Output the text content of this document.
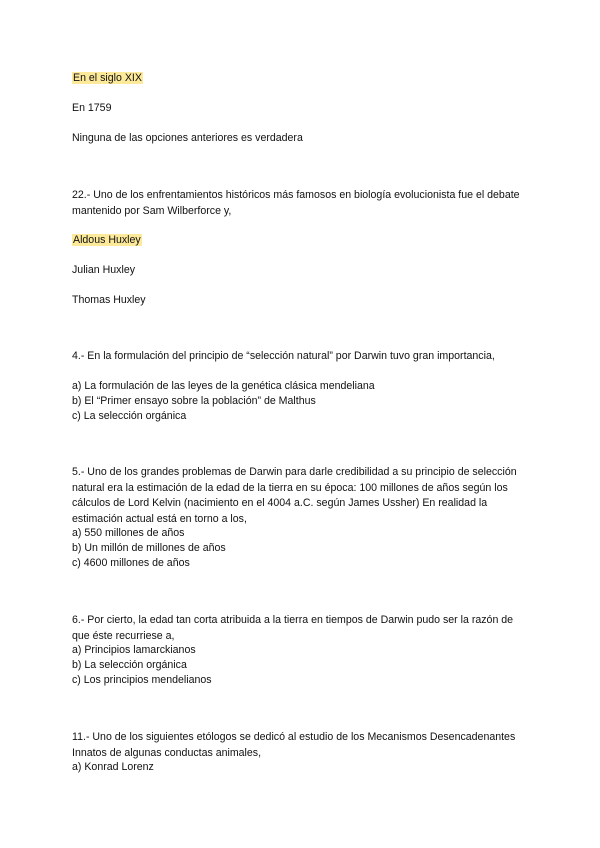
En el siglo XIX
En 1759
Ninguna de las opciones anteriores es verdadera
22.- Uno de los enfrentamientos históricos más famosos en biología evolucionista fue el debate mantenido por Sam Wilberforce y,
Aldous Huxley
Julian Huxley
Thomas Huxley
4.- En la formulación del principio de “selección natural” por Darwin tuvo gran importancia,
a) La formulación de las leyes de la genética clásica mendeliana
b) El “Primer ensayo sobre la población” de Malthus
c) La selección orgánica
5.- Uno de los grandes problemas de Darwin para darle credibilidad a su principio de selección natural era la estimación de la edad de la tierra en su época: 100 millones de años según los cálculos de Lord Kelvin (nacimiento en el 4004 a.C. según James Ussher) En realidad la estimación actual está en torno a los,
a) 550 millones de años
b) Un millón de millones de años
c) 4600 millones de años
6.- Por cierto, la edad tan corta atribuida a la tierra en tiempos de Darwin pudo ser la razón de que éste recurriese a,
a) Principios lamarckianos
b) La selección orgánica
c) Los principios mendelianos
11.- Uno de los siguientes etólogos se dedicó al estudio de los Mecanismos Desencadenantes Innatos de algunas conductas animales,
a) Konrad Lorenz
